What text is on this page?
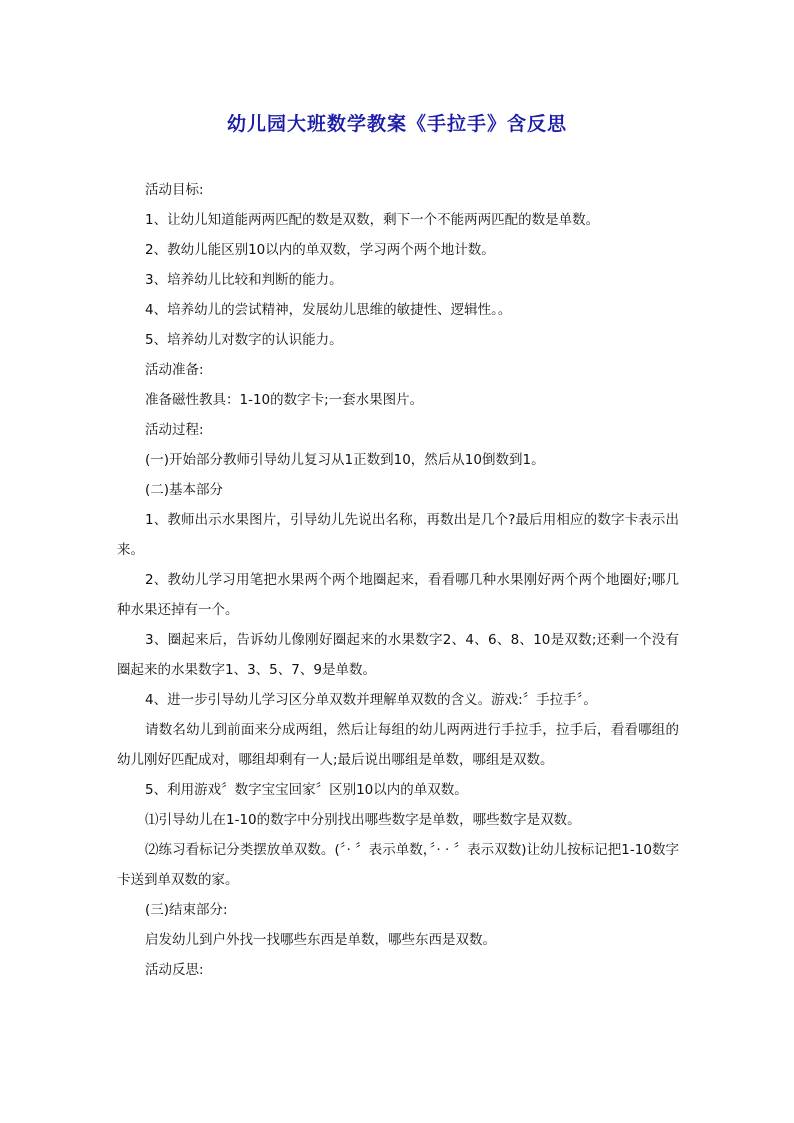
幼儿园大班数学教案《手拉手》含反思

活动目标:

1、让幼儿知道能两两匹配的数是双数，剩下一个不能两两匹配的数是单数。

2、教幼儿能区别10以内的单双数，学习两个两个地计数。

3、培养幼儿比较和判断的能力。

4、培养幼儿的尝试精神，发展幼儿思维的敏捷性、逻辑性。。

5、培养幼儿对数字的认识能力。

活动准备:

准备磁性教具：1-10的数字卡;一套水果图片。

活动过程:

(一)开始部分教师引导幼儿复习从1正数到10，然后从10倒数到1。

(二)基本部分

1、教师出示水果图片，引导幼儿先说出名称，再数出是几个?最后用相应的数字卡表示出来。

2、教幼儿学习用笔把水果两个两个地圈起来，看看哪几种水果刚好两个两个地圈好;哪几种水果还掉有一个。

3、圈起来后，告诉幼儿像刚好圈起来的水果数字2、4、6、8、10是双数;还剩一个没有圈起来的水果数字1、3、5、7、9是单数。

4、进一步引导幼儿学习区分单双数并理解单双数的含义。游戏:〞手拉手〞。

请数名幼儿到前面来分成两组，然后让每组的幼儿两两进行手拉手，拉手后，看看哪组的幼儿刚好匹配成对，哪组却剩有一人;最后说出哪组是单数，哪组是双数。

5、利用游戏〞数字宝宝回家〞区别10以内的单双数。

⑴引导幼儿在1-10的数字中分别找出哪些数字是单数，哪些数字是双数。

⑵练习看标记分类摆放单双数。(〞· 〞表示单数，〞· · 〞表示双数)让幼儿按标记把1-10数字卡送到单双数的家。

(三)结束部分:

启发幼儿到户外找一找哪些东西是单数，哪些东西是双数。

活动反思:
